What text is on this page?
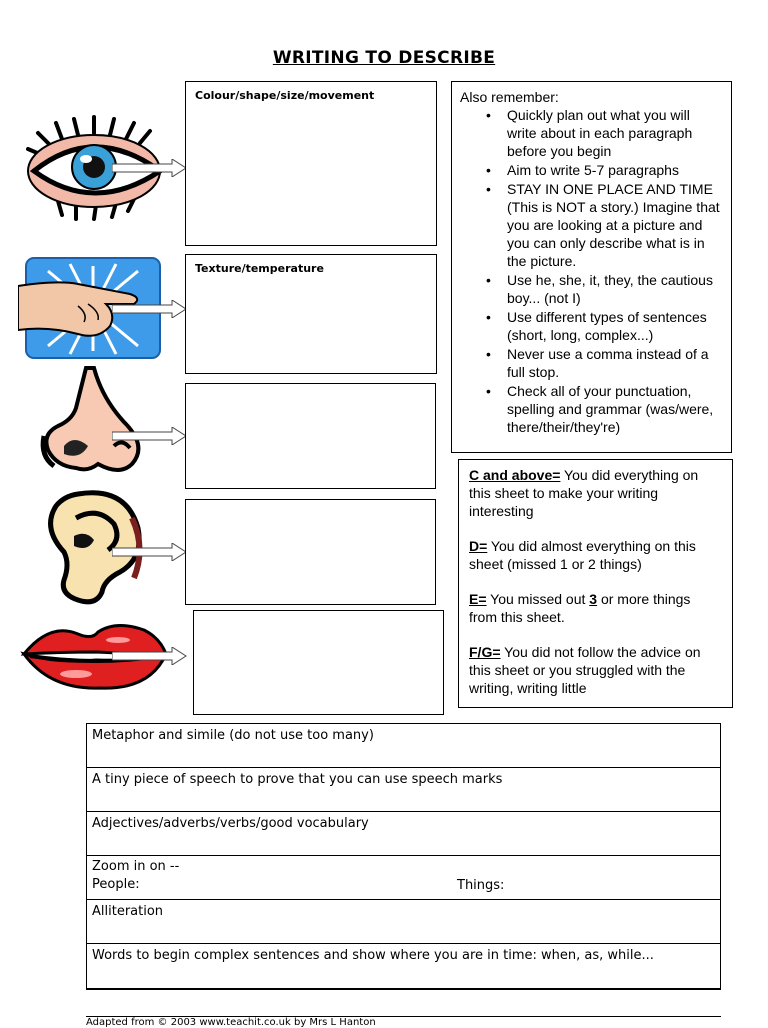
WRITING TO DESCRIBE
Colour/shape/size/movement
Texture/temperature
Also remember:
• Quickly plan out what you will write about in each paragraph before you begin
• Aim to write 5-7 paragraphs
• STAY IN ONE PLACE AND TIME (This is NOT a story.) Imagine that you are looking at a picture and you can only describe what is in the picture.
• Use he, she, it, they, the cautious boy... (not I)
• Use different types of sentences (short, long, complex...)
• Never use a comma instead of a full stop.
• Check all of your punctuation, spelling and grammar (was/were, there/their/they're)
C and above= You did everything on this sheet to make your writing interesting
D= You did almost everything on this sheet (missed 1 or 2 things)
E= You missed out 3 or more things from this sheet.
F/G= You did not follow the advice on this sheet or you struggled with the writing, writing little
Metaphor and simile (do not use too many)
A tiny piece of speech to prove that you can use speech marks
Adjectives/adverbs/verbs/good vocabulary
Zoom in on --
People:	Things:
Alliteration
Words to begin complex sentences and show where you are in time: when, as, while...
Adapted from © 2003 www.teachit.co.uk by Mrs L Hanton
